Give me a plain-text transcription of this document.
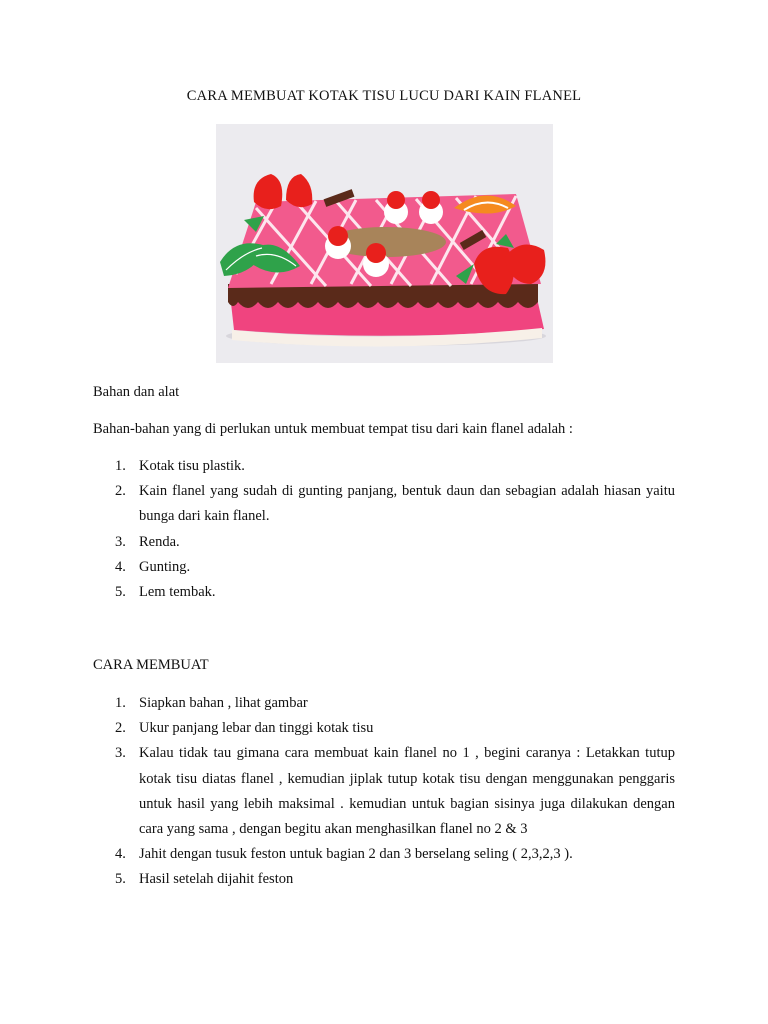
CARA MEMBUAT KOTAK TISU LUCU DARI KAIN FLANEL
Bahan dan alat
Bahan-bahan yang di perlukan untuk membuat tempat tisu dari kain flanel adalah :
1. Kotak tisu plastik.
2. Kain flanel yang sudah di gunting panjang, bentuk daun dan sebagian adalah hiasan yaitu bunga dari kain flanel.
3. Renda.
4. Gunting.
5. Lem tembak.
CARA MEMBUAT
1. Siapkan bahan , lihat gambar
2. Ukur panjang lebar dan tinggi kotak tisu
3. Kalau tidak tau gimana cara membuat kain flanel no 1 , begini caranya : Letakkan tutup kotak tisu diatas flanel , kemudian jiplak tutup kotak tisu dengan menggunakan penggaris untuk hasil yang lebih maksimal . kemudian untuk bagian sisinya juga dilakukan dengan cara yang sama , dengan begitu akan menghasilkan flanel no 2 & 3
4. Jahit dengan tusuk feston untuk bagian 2 dan 3 berselang seling ( 2,3,2,3 ).
5. Hasil setelah dijahit feston
